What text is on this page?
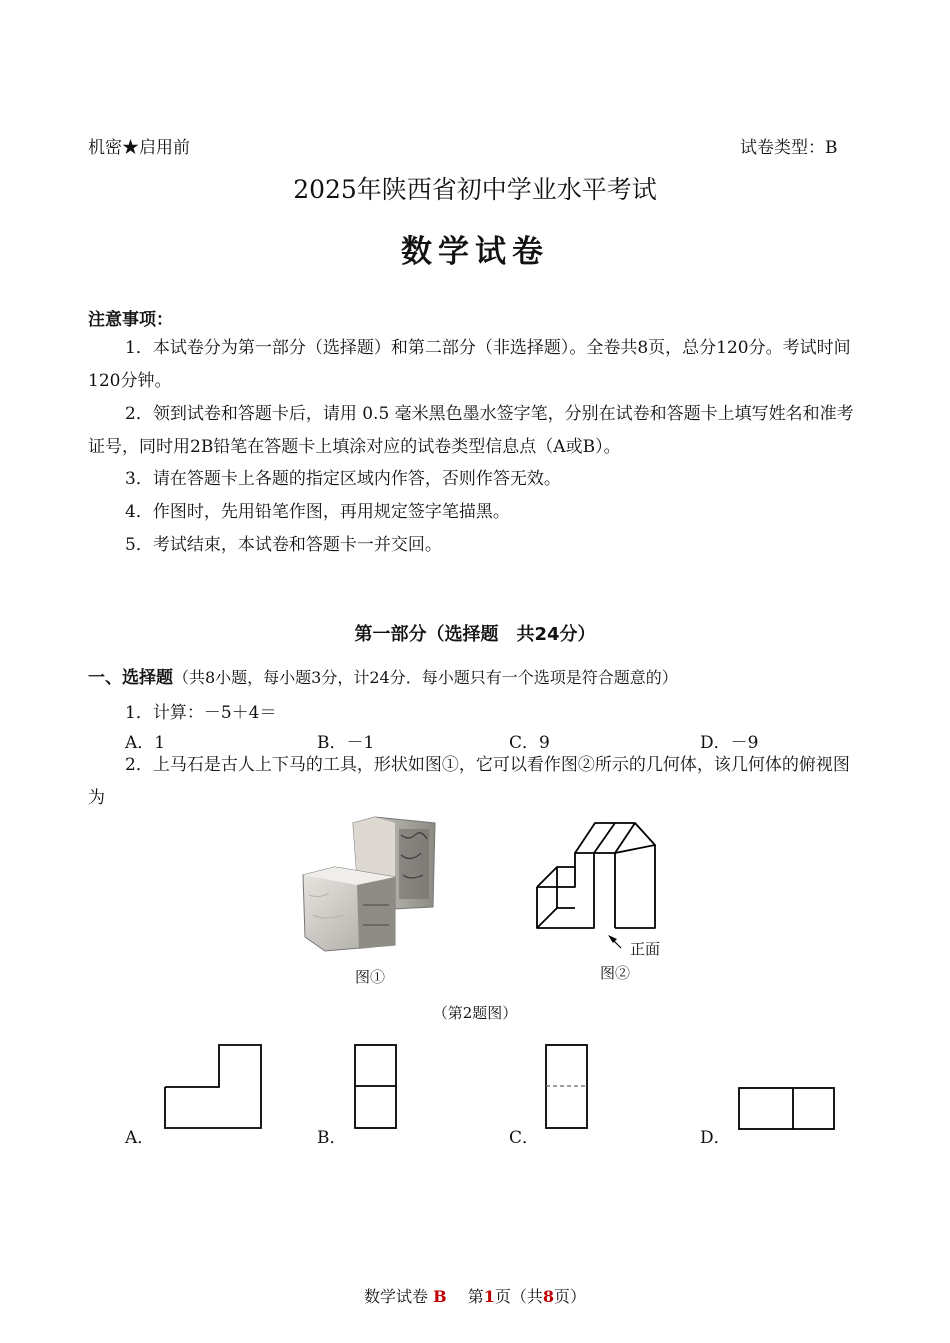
机密★启用前	试卷类型：B
2025年陕西省初中学业水平考试
数学试卷
注意事项：
1．本试卷分为第一部分（选择题）和第二部分（非选择题）。全卷共8页，总分120分。考试时间120分钟。
2．领到试卷和答题卡后，请用 0.5 毫米黑色墨水签字笔，分别在试卷和答题卡上填写姓名和准考证号，同时用2B铅笔在答题卡上填涂对应的试卷类型信息点（A或B）。
3．请在答题卡上各题的指定区域内作答，否则作答无效。
4．作图时，先用铅笔作图，再用规定签字笔描黑。
5．考试结束，本试卷和答题卡一并交回。
第一部分（选择题　共24分）
一、选择题（共8小题，每小题3分，计24分．每小题只有一个选项是符合题意的）
1．计算：－5＋4＝
A．1	B．－1	C．9	D．－9
2．上马石是古人上下马的工具，形状如图①，它可以看作图②所示的几何体，该几何体的俯视图为
图①
正面
图②
（第2题图）
A．	B．	C．	D．
数学试卷 B   第1页（共8页）
